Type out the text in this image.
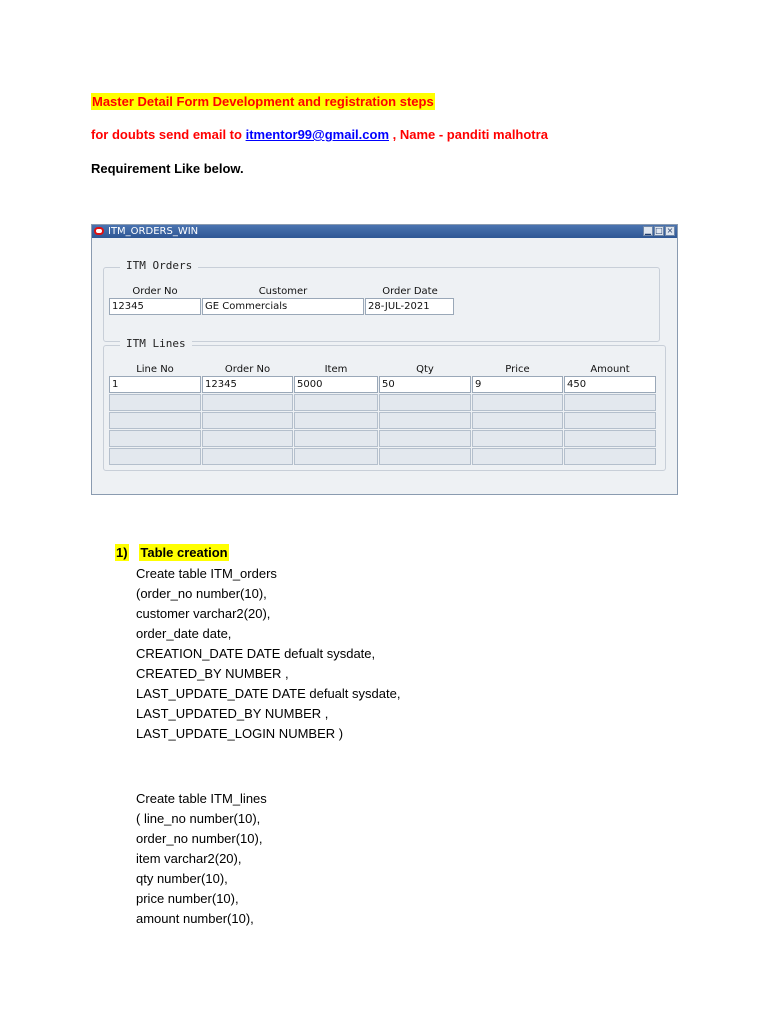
Master Detail Form Development and registration steps
for doubts send email to itmentor99@gmail.com , Name - panditi malhotra
Requirement Like below.
ITM_ORDERS_WIN	▁ □ ×
ITM Orders
Order No	Customer	Order Date
12345	GE Commercials	28-JUL-2021
ITM Lines
Line No	Order No	Item	Qty	Price	Amount
1	12345	5000	50	9	450
1) Table creation
Create table ITM_orders
(order_no number(10),
customer varchar2(20),
order_date date,
CREATION_DATE DATE defualt sysdate,
CREATED_BY NUMBER ,
LAST_UPDATE_DATE DATE defualt sysdate,
LAST_UPDATED_BY NUMBER ,
LAST_UPDATE_LOGIN NUMBER )
Create table ITM_lines
( line_no number(10),
order_no number(10),
item varchar2(20),
qty number(10),
price number(10),
amount number(10),
